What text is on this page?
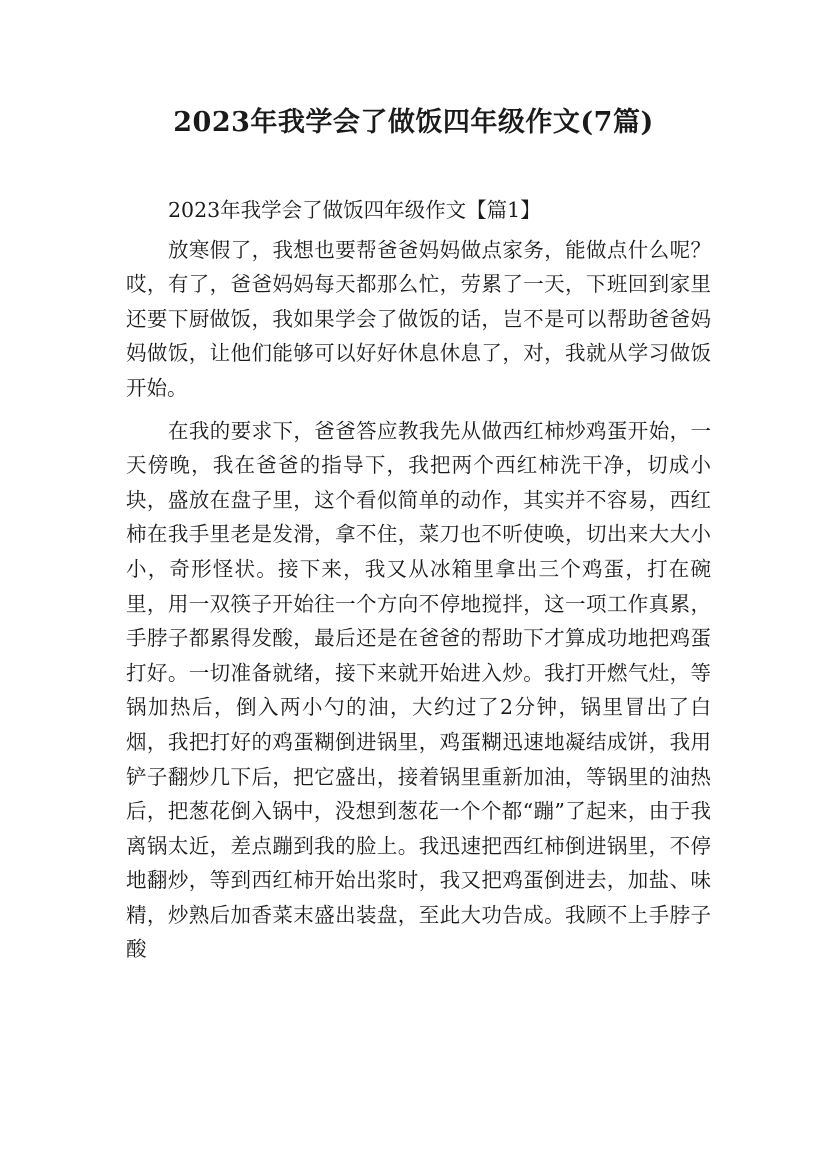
2023年我学会了做饭四年级作文(7篇)

2023年我学会了做饭四年级作文【篇1】

放寒假了，我想也要帮爸爸妈妈做点家务，能做点什么呢？哎，有了，爸爸妈妈每天都那么忙，劳累了一天，下班回到家里还要下厨做饭，我如果学会了做饭的话，岂不是可以帮助爸爸妈妈做饭，让他们能够可以好好休息休息了，对，我就从学习做饭开始。

在我的要求下，爸爸答应教我先从做西红柿炒鸡蛋开始，一天傍晚，我在爸爸的指导下，我把两个西红柿洗干净，切成小块，盛放在盘子里，这个看似简单的动作，其实并不容易，西红柿在我手里老是发滑，拿不住，菜刀也不听使唤，切出来大大小小，奇形怪状。接下来，我又从冰箱里拿出三个鸡蛋，打在碗里，用一双筷子开始往一个方向不停地搅拌，这一项工作真累，手脖子都累得发酸，最后还是在爸爸的帮助下才算成功地把鸡蛋打好。一切准备就绪，接下来就开始进入炒。我打开燃气灶，等锅加热后，倒入两小勺的油，大约过了2分钟，锅里冒出了白烟，我把打好的鸡蛋糊倒进锅里，鸡蛋糊迅速地凝结成饼，我用铲子翻炒几下后，把它盛出，接着锅里重新加油，等锅里的油热后，把葱花倒入锅中，没想到葱花一个个都“蹦”了起来，由于我离锅太近，差点蹦到我的脸上。我迅速把西红柿倒进锅里，不停地翻炒，等到西红柿开始出浆时，我又把鸡蛋倒进去，加盐、味精，炒熟后加香菜末盛出装盘，至此大功告成。我顾不上手脖子酸
